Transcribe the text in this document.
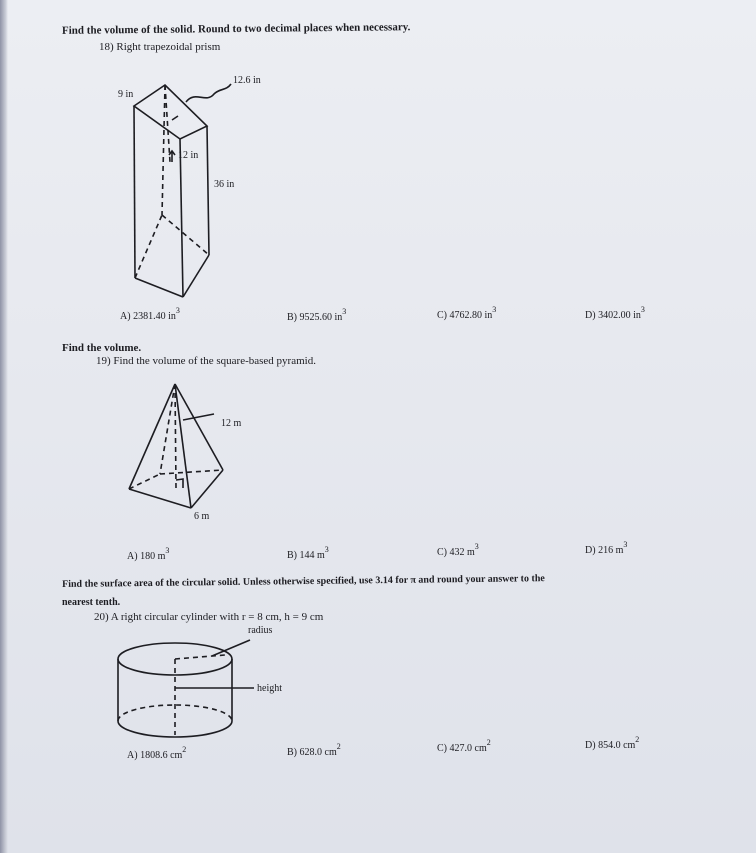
Find the volume of the solid. Round to two decimal places when necessary.
18) Right trapezoidal prism
12.6 in
9 in
12 in
36 in
A) 2381.40 $in^3$
B) 9525.60 $in^3$	C) 4762.80 $in^3$
D) 3402.00 $in^3$
Find the volume.
19) Find the volume of the square-based pyramid.
12 m
6 m
A) 180 $m^3$	B) 144 $m^3$	C) 432 $m^3$	D) 216 $m^3$
Find the surface area of the circular solid. Unless otherwise specified, use 3.14 for π and round your answer to the
nearest tenth.
20) A right circular cylinder with r = 8 cm, h = 9 cm
radius
height
A) 1808.6 $cm^2$	B) 628.0 $cm^2$	C) 427.0 $cm^2$	D) 854.0 $cm^2$
